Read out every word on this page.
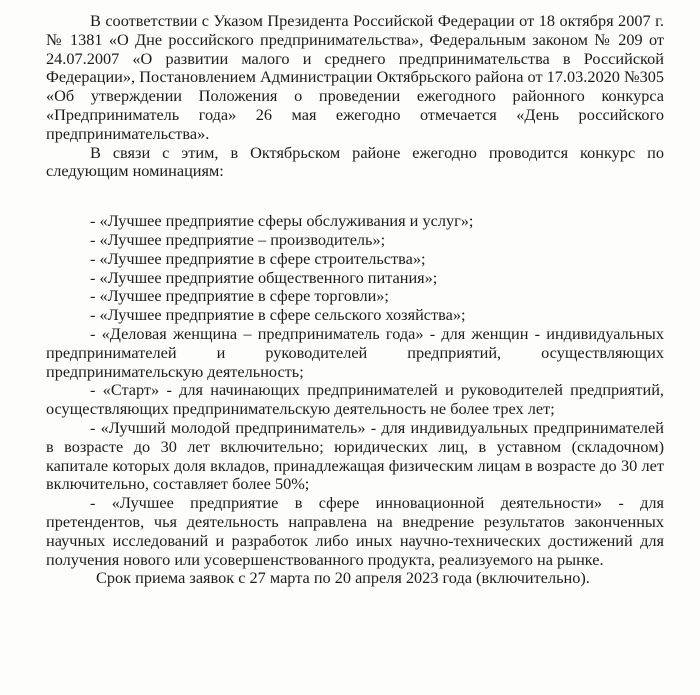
В соответствии с Указом Президента Российской Федерации от 18 октября 2007 г. № 1381 «О Дне российского предпринимательства», Федеральным законом № 209 от 24.07.2007 «О развитии малого и среднего предпринимательства в Российской Федерации», Постановлением Администрации Октябрьского района от 17.03.2020 №305 «Об утверждении Положения о проведении ежегодного районного конкурса «Предприниматель года» 26 мая ежегодно отмечается «День российского предпринимательства».

В связи с этим, в Октябрьском районе ежегодно проводится конкурс по следующим номинациям:

- «Лучшее предприятие сферы обслуживания и услуг»;

- «Лучшее предприятие – производитель»;

- «Лучшее предприятие в сфере строительства»;

- «Лучшее предприятие общественного питания»;

- «Лучшее предприятие в сфере торговли»;

- «Лучшее предприятие в сфере сельского хозяйства»;

- «Деловая женщина – предприниматель года» - для женщин - индивидуальных предпринимателей и руководителей предприятий, осуществляющих предпринимательскую деятельность;

- «Старт» - для начинающих предпринимателей и руководителей предприятий, осуществляющих предпринимательскую деятельность не более трех лет;

- «Лучший молодой предприниматель» - для индивидуальных предпринимателей в возрасте до 30 лет включительно; юридических лиц, в уставном (складочном) капитале которых доля вкладов, принадлежащая физическим лицам в возрасте до 30 лет включительно, составляет более 50%;

- «Лучшее предприятие в сфере инновационной деятельности» - для претендентов, чья деятельность направлена на внедрение результатов законченных научных исследований и разработок либо иных научно-технических достижений для получения нового или усовершенствованного продукта, реализуемого на рынке.

Срок приема заявок с 27 марта по 20 апреля 2023 года (включительно).
